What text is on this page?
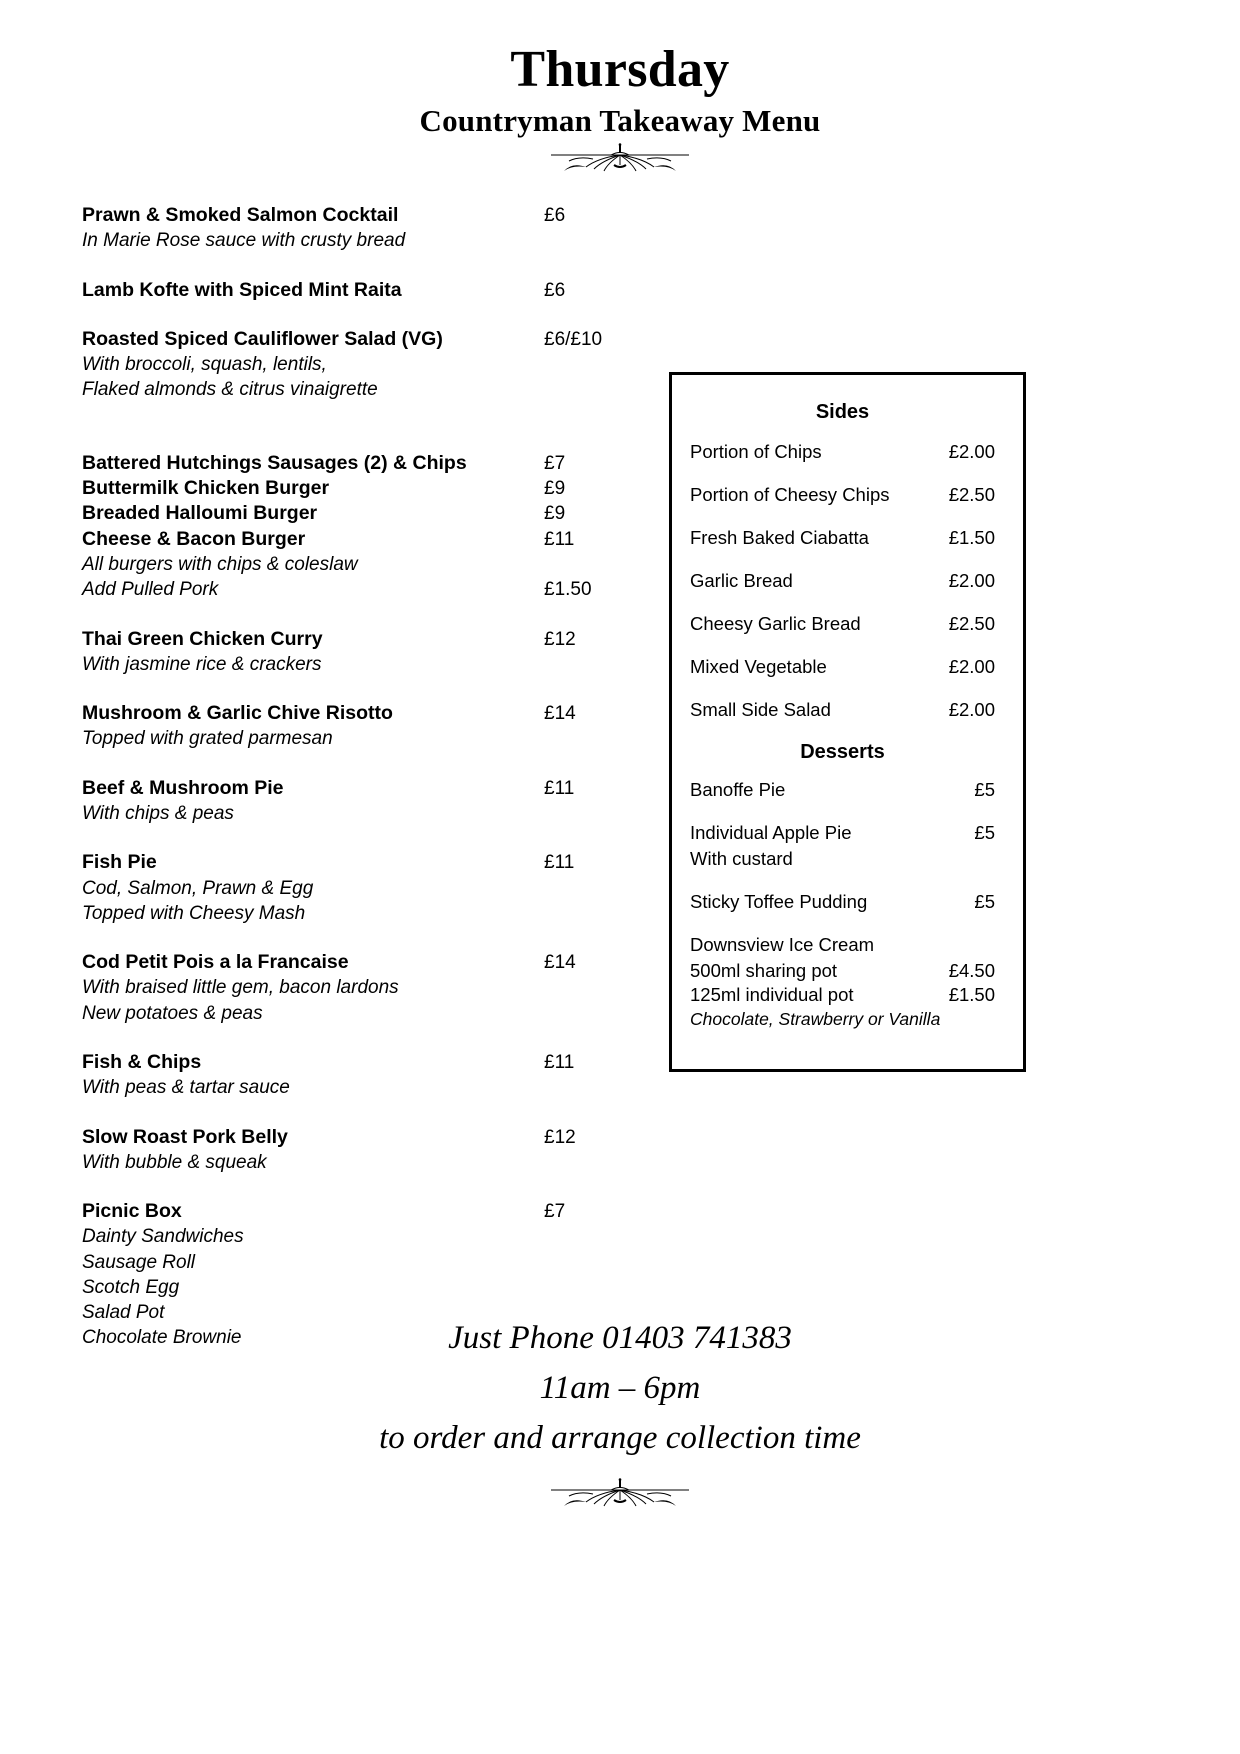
Thursday
Countryman Takeaway Menu
Prawn & Smoked Salmon Cocktail	£6
In Marie Rose sauce with crusty bread
Lamb Kofte with Spiced Mint Raita	£6
Roasted Spiced Cauliflower Salad (VG)	£6/£10
With broccoli, squash, lentils,
Flaked almonds & citrus vinaigrette
Battered Hutchings Sausages (2) & Chips	£7
Buttermilk Chicken Burger	£9
Breaded Halloumi Burger	£9
Cheese & Bacon Burger	£11
All burgers with chips & coleslaw
Add Pulled Pork	£1.50
Thai Green Chicken Curry	£12
With jasmine rice & crackers
Mushroom & Garlic Chive Risotto	£14
Topped with grated parmesan
Beef & Mushroom Pie	£11
With chips & peas
Fish Pie	£11
Cod, Salmon, Prawn & Egg
Topped with Cheesy Mash
Cod Petit Pois a la Francaise	£14
With braised little gem, bacon lardons
New potatoes & peas
Fish & Chips	£11
With peas & tartar sauce
Slow Roast Pork Belly	£12
With bubble & squeak
Picnic Box	£7
Dainty Sandwiches
Sausage Roll
Scotch Egg
Salad Pot
Chocolate Brownie
Sides
Portion of Chips	£2.00
Portion of Cheesy Chips	£2.50
Fresh Baked Ciabatta	£1.50
Garlic Bread	£2.00
Cheesy Garlic Bread	£2.50
Mixed Vegetable	£2.00
Small Side Salad	£2.00
Desserts
Banoffe Pie	£5
Individual Apple Pie	£5
With custard
Sticky Toffee Pudding	£5
Downsview Ice Cream
500ml sharing pot	£4.50
125ml individual pot	£1.50
Chocolate, Strawberry or Vanilla
Just Phone 01403 741383
11am – 6pm
to order and arrange collection time
